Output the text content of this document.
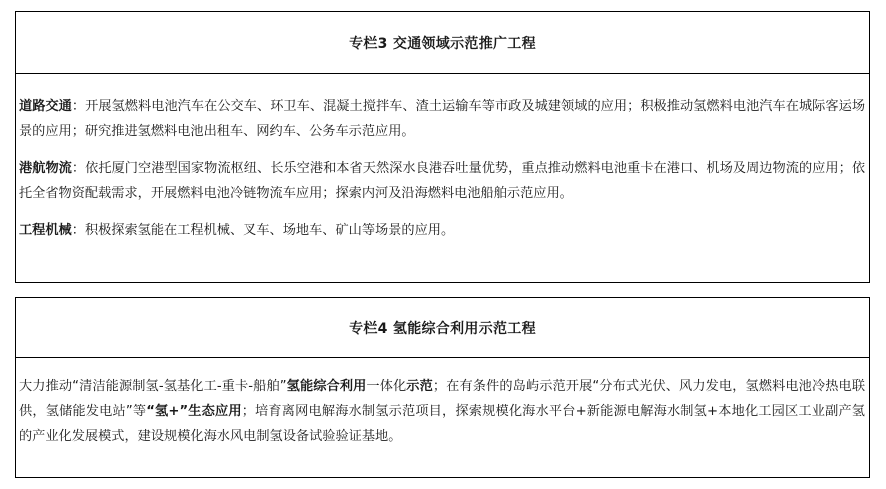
专栏3 交通领域示范推广工程

道路交通：开展氢燃料电池汽车在公交车、环卫车、混凝土搅拌车、渣土运输车等市政及城建领域的应用；积极推动氢燃料电池汽车在城际客运场景的应用；研究推进氢燃料电池出租车、网约车、公务车示范应用。

港航物流：依托厦门空港型国家物流枢纽、长乐空港和本省天然深水良港吞吐量优势，重点推动燃料电池重卡在港口、机场及周边物流的应用；依托全省物资配载需求，开展燃料电池冷链物流车应用；探索内河及沿海燃料电池船舶示范应用。

工程机械：积极探索氢能在工程机械、叉车、场地车、矿山等场景的应用。

专栏4 氢能综合利用示范工程

大力推动“清洁能源制氢-氢基化工-重卡-船舶”氢能综合利用一体化示范；在有条件的岛屿示范开展“分布式光伏、风力发电，氢燃料电池冷热电联供，氢储能发电站”等“氢+”生态应用；培育离网电解海水制氢示范项目，探索规模化海水平台+新能源电解海水制氢+本地化工园区工业副产氢的产业化发展模式，建设规模化海水风电制氢设备试验验证基地。
